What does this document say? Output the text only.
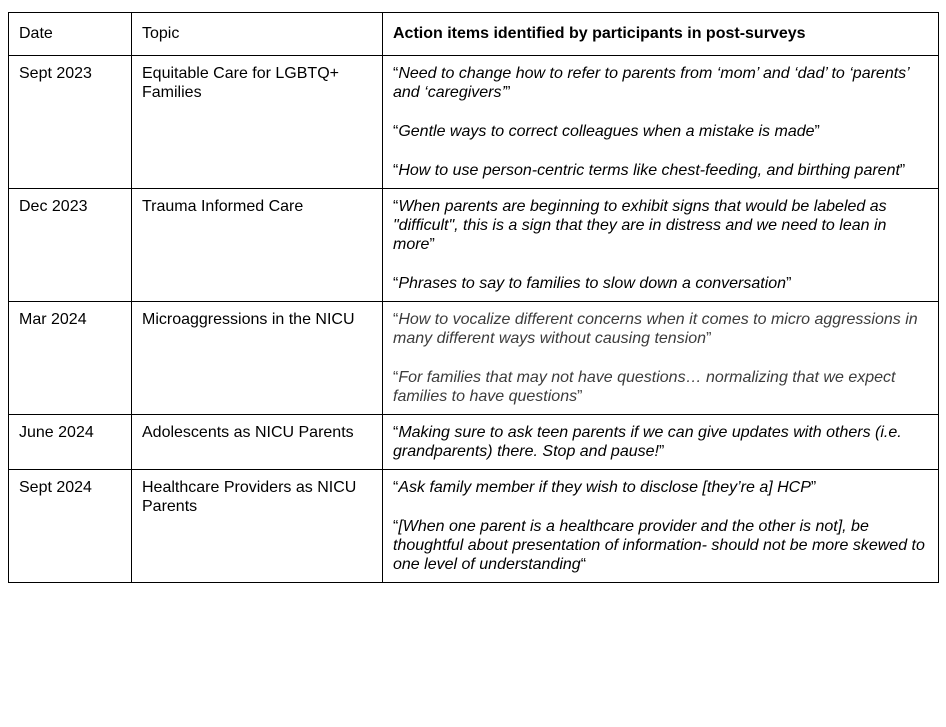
Date	Topic	Action items identified by participants in post-surveys
Sept 2023	Equitable Care for LGBTQ+ Families	“Need to change how to refer to parents from ‘mom’ and ‘dad’ to ‘parents’ and ‘caregivers’”

“Gentle ways to correct colleagues when a mistake is made”

“How to use person-centric terms like chest-feeding, and birthing parent”

Dec 2023	Trauma Informed Care	“When parents are beginning to exhibit signs that would be labeled as "difficult", this is a sign that they are in distress and we need to lean in more”

“Phrases to say to families to slow down a conversation”

Mar 2024	Microaggressions in the NICU	“How to vocalize different concerns when it comes to micro aggressions in many different ways without causing tension”

“For families that may not have questions… normalizing that we expect families to have questions”

June 2024	Adolescents as NICU Parents	“Making sure to ask teen parents if we can give updates with others (i.e. grandparents) there. Stop and pause!”

Sept 2024	Healthcare Providers as NICU Parents	“Ask family member if they wish to disclose [they’re a] HCP”

“[When one parent is a healthcare provider and the other is not], be thoughtful about presentation of information- should not be more skewed to one level of understanding“
